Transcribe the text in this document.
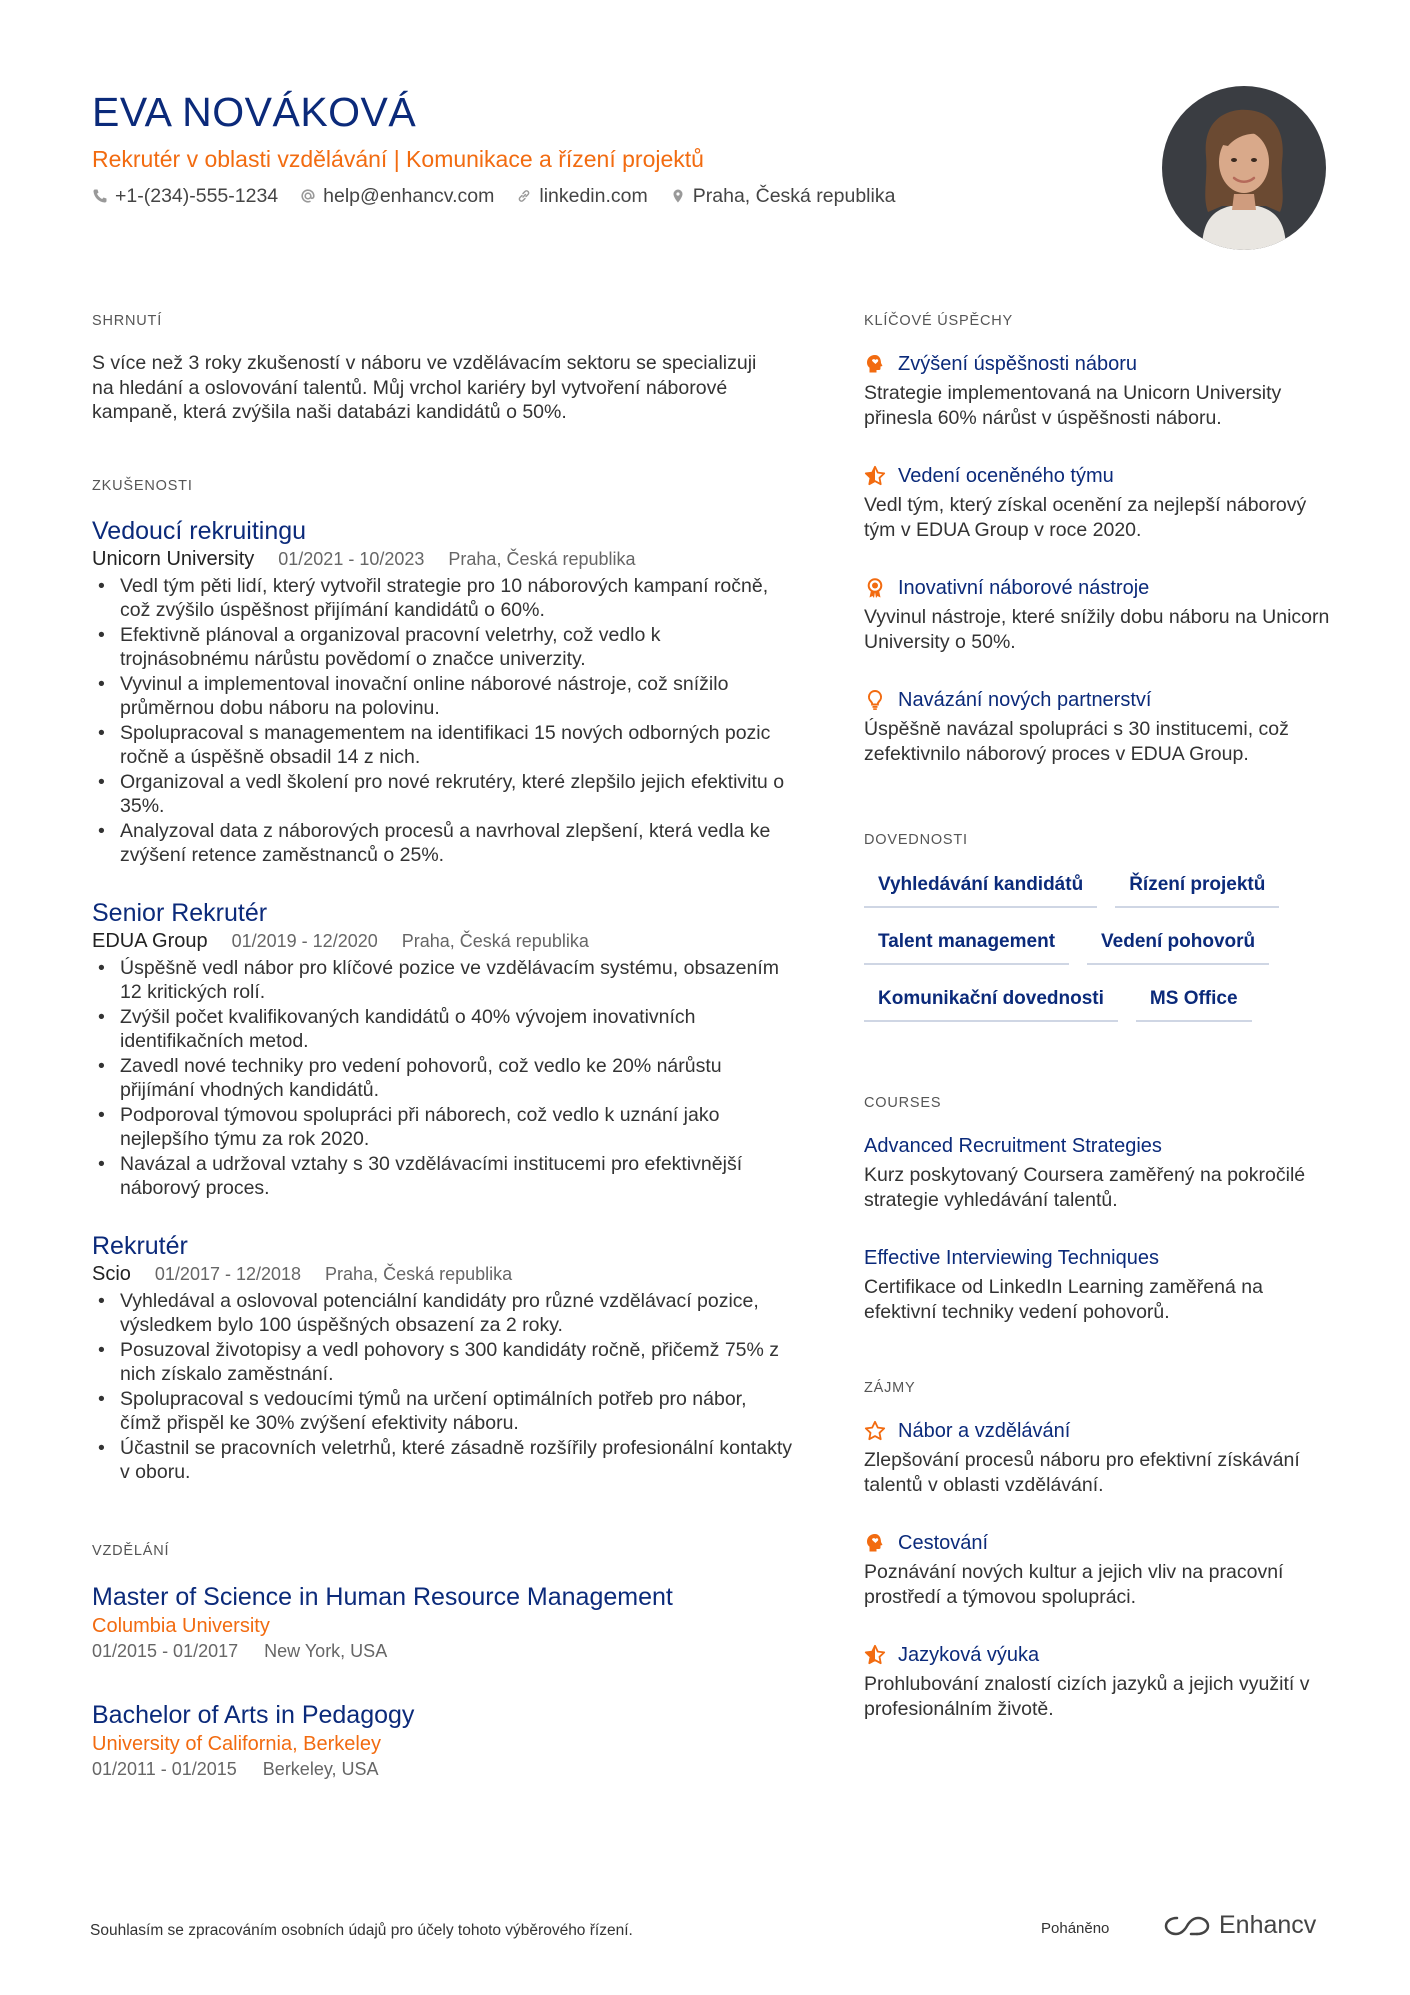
EVA NOVÁKOVÁ
Rekrutér v oblasti vzdělávání | Komunikace a řízení projektů
+1-(234)-555-1234 help@enhancv.com linkedin.com Praha, Česká republika
SHRNUTÍ
S více než 3 roky zkušeností v náboru ve vzdělávacím sektoru se specializuji na hledání a oslovování talentů. Můj vrchol kariéry byl vytvoření náborové kampaně, která zvýšila naši databázi kandidátů o 50%.
ZKUŠENOSTI
Vedoucí rekruitingu
Unicorn University 01/2021 - 10/2023 Praha, Česká republika
• Vedl tým pěti lidí, který vytvořil strategie pro 10 náborových kampaní ročně, což zvýšilo úspěšnost přijímání kandidátů o 60%.
• Efektivně plánoval a organizoval pracovní veletrhy, což vedlo k trojnásobnému nárůstu povědomí o značce univerzity.
• Vyvinul a implementoval inovační online náborové nástroje, což snížilo průměrnou dobu náboru na polovinu.
• Spolupracoval s managementem na identifikaci 15 nových odborných pozic ročně a úspěšně obsadil 14 z nich.
• Organizoval a vedl školení pro nové rekrutéry, které zlepšilo jejich efektivitu o 35%.
• Analyzoval data z náborových procesů a navrhoval zlepšení, která vedla ke zvýšení retence zaměstnanců o 25%.
Senior Rekrutér
EDUA Group 01/2019 - 12/2020 Praha, Česká republika
• Úspěšně vedl nábor pro klíčové pozice ve vzdělávacím systému, obsazením 12 kritických rolí.
• Zvýšil počet kvalifikovaných kandidátů o 40% vývojem inovativních identifikačních metod.
• Zavedl nové techniky pro vedení pohovorů, což vedlo ke 20% nárůstu přijímání vhodných kandidátů.
• Podporoval týmovou spolupráci při náborech, což vedlo k uznání jako nejlepšího týmu za rok 2020.
• Navázal a udržoval vztahy s 30 vzdělávacími institucemi pro efektivnější náborový proces.
Rekrutér
Scio 01/2017 - 12/2018 Praha, Česká republika
• Vyhledával a oslovoval potenciální kandidáty pro různé vzdělávací pozice, výsledkem bylo 100 úspěšných obsazení za 2 roky.
• Posuzoval životopisy a vedl pohovory s 300 kandidáty ročně, přičemž 75% z nich získalo zaměstnání.
• Spolupracoval s vedoucími týmů na určení optimálních potřeb pro nábor, čímž přispěl ke 30% zvýšení efektivity náboru.
• Účastnil se pracovních veletrhů, které zásadně rozšířily profesionální kontakty v oboru.
VZDĚLÁNÍ
Master of Science in Human Resource Management
Columbia University
01/2015 - 01/2017 New York, USA
Bachelor of Arts in Pedagogy
University of California, Berkeley
01/2011 - 01/2015 Berkeley, USA
KLÍČOVÉ ÚSPĚCHY
Zvýšení úspěšnosti náboru
Strategie implementovaná na Unicorn University přinesla 60% nárůst v úspěšnosti náboru.
Vedení oceněného týmu
Vedl tým, který získal ocenění za nejlepší náborový tým v EDUA Group v roce 2020.
Inovativní náborové nástroje
Vyvinul nástroje, které snížily dobu náboru na Unicorn University o 50%.
Navázání nových partnerství
Úspěšně navázal spolupráci s 30 institucemi, což zefektivnilo náborový proces v EDUA Group.
DOVEDNOSTI
Vyhledávání kandidátů	Řízení projektů
Talent management	Vedení pohovorů
Komunikační dovednosti	MS Office
COURSES
Advanced Recruitment Strategies
Kurz poskytovaný Coursera zaměřený na pokročilé strategie vyhledávání talentů.
Effective Interviewing Techniques
Certifikace od LinkedIn Learning zaměřená na efektivní techniky vedení pohovorů.
ZÁJMY
Nábor a vzdělávání
Zlepšování procesů náboru pro efektivní získávání talentů v oblasti vzdělávání.
Cestování
Poznávání nových kultur a jejich vliv na pracovní prostředí a týmovou spolupráci.
Jazyková výuka
Prohlubování znalostí cizích jazyků a jejich využití v profesionálním životě.
Souhlasím se zpracováním osobních údajů pro účely tohoto výběrového řízení.	Poháněno	Enhancv
